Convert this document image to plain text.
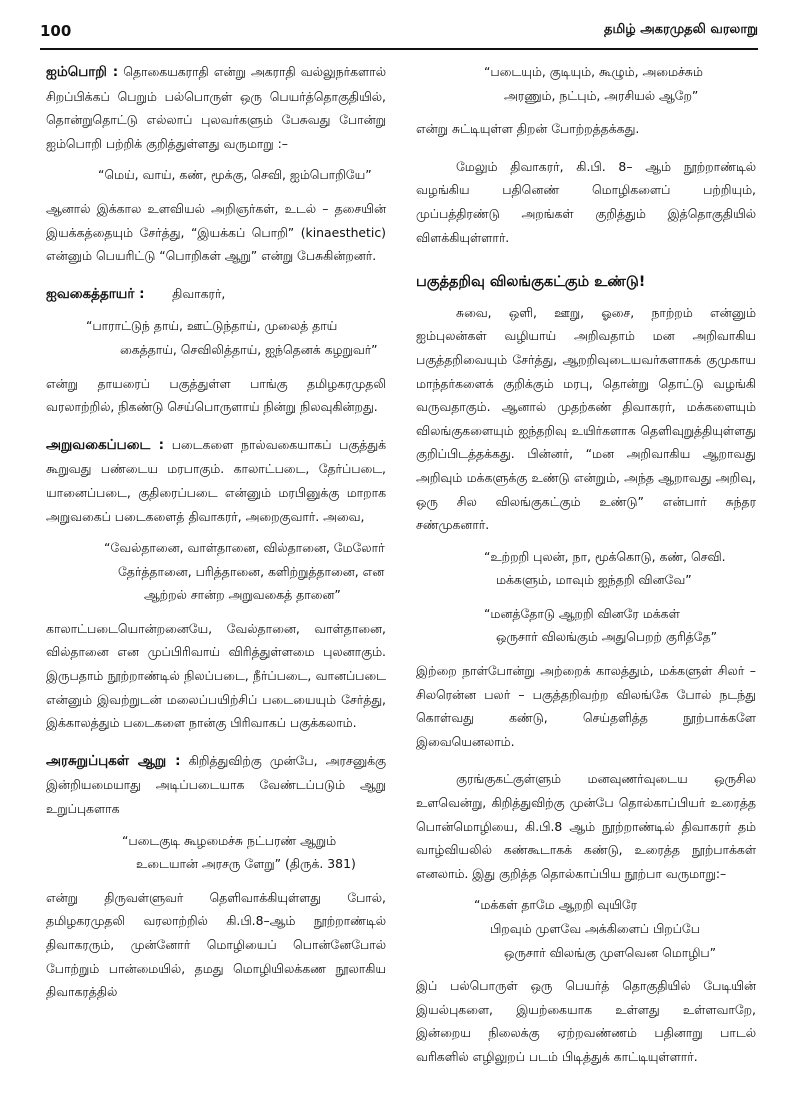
100	தமிழ் அகரமுதலி வரலாறு

ஐம்பொறி : தொகையகராதி என்று அகராதி வல்லுநர்களால் சிறப்பிக்கப் பெறும் பல்பொருள் ஒரு பெயர்த்தொகுதியில், தொன்றுதொட்டு எல்லாப் புலவர்களும் பேசுவது போன்று ஐம்பொறி பற்றிக் குறித்துள்ளது வருமாறு :–

“மெய், வாய், கண், மூக்கு, செவி, ஐம்பொறியே”

ஆனால் இக்கால உளவியல் அறிஞர்கள், உடல் – தசையின் இயக்கத்தையும் சேர்த்து, “இயக்கப் பொறி” (kinaesthetic) என்னும் பெயரிட்டு “பொறிகள் ஆறு” என்று பேசுகின்றனர்.

ஐவகைத்தாயர் : திவாகரர்,

“பாராட்டுந் தாய், ஊட்டுந்தாய், முலைத் தாய்
கைத்தாய், செவிலித்தாய், ஐந்தெனக் கழறுவர்”

என்று தாயரைப் பகுத்துள்ள பாங்கு தமிழகரமுதலி வரலாற்றில், நிகண்டு செய்பொருளாய் நின்று நிலவுகின்றது.

அறுவகைப்படை : படைகளை நால்வகையாகப் பகுத்துக் கூறுவது பண்டைய மரபாகும். காலாட்படை, தேர்ப்படை, யானைப்படை, குதிரைப்படை என்னும் மரபினுக்கு மாறாக அறுவகைப் படைகளைத் திவாகரர், அறைகுவார். அவை,

“வேல்தானை, வாள்தானை, வில்தானை, மேலோர்
தேர்த்தானை, பரித்தானை, களிற்றுத்தானை, என
ஆற்றல் சான்ற அறுவகைத் தானை”

காலாட்படையொன்றனையே, வேல்தானை, வாள்தானை, வில்தானை என முப்பிரிவாய் விரித்துள்ளமை புலனாகும். இருபதாம் நூற்றாண்டில் நிலப்படை, நீர்ப்படை, வானப்படை என்னும் இவற்றுடன் மலைப்பயிற்சிப் படையையும் சேர்த்து, இக்காலத்தும் படைகளை நான்கு பிரிவாகப் பகுக்கலாம்.

அரசுறுப்புகள் ஆறு : கிறித்துவிற்கு முன்பே, அரசனுக்கு இன்றியமையாது அடிப்படையாக வேண்டப்படும் ஆறு உறுப்புகளாக

“படைகுடி கூழமைச்சு நட்பரண் ஆறும்
உடையான் அரசரு ளேறு” (திருக். 381)

என்று திருவள்ளுவர் தெளிவாக்கியுள்ளது போல், தமிழகரமுதலி வரலாற்றில் கி.பி.8–ஆம் நூற்றாண்டில் திவாகரரும், முன்னோர் மொழியைப் பொன்னேபோல் போற்றும் பான்மையில், தமது மொழியிலக்கண நூலாகிய திவாகரத்தில்

“படையும், குடியும், கூழும், அமைச்சும்
அரணும், நட்பும், அரசியல் ஆறே”

என்று சுட்டியுள்ள திறன் போற்றத்தக்கது.

மேலும் திவாகரர், கி.பி. 8– ஆம் நூற்றாண்டில் வழங்கிய பதினெண் மொழிகளைப் பற்றியும், முப்பத்திரண்டு அறங்கள் குறித்தும் இத்தொகுதியில் விளக்கியுள்ளார்.

பகுத்தறிவு விலங்குகட்கும் உண்டு!

சுவை, ஒளி, ஊறு, ஓசை, நாற்றம் என்னும் ஐம்புலன்கள் வழியாய் அறிவதாம் மன அறிவாகிய பகுத்தறிவையும் சேர்த்து, ஆறறிவுடையவர்களாகக் குமுகாய மாந்தர்களைக் குறிக்கும் மரபு, தொன்று தொட்டு வழங்கி வருவதாகும். ஆனால் முதற்கண் திவாகரர், மக்களையும் விலங்குகளையும் ஐந்தறிவு உயிர்களாக தெளிவுறுத்தியுள்ளது குறிப்பிடத்தக்கது. பின்னர், “மன அறிவாகிய ஆறாவது அறிவும் மக்களுக்கு உண்டு என்றும், அந்த ஆறாவது அறிவு, ஒரு சில விலங்குகட்கும் உண்டு” என்பார் சுந்தர சண்முகனார்.

“உற்றறி புலன், நா, மூக்கொடு, கண், செவி.
மக்களும், மாவும் ஐந்தறி வினவே”
“மனத்தோடு ஆறறி வினரே மக்கள்
ஒருசார் விலங்கும் அதுபெறற் குரித்தே”

இற்றை நாள்போன்று அற்றைக் காலத்தும், மக்களுள் சிலர் – சிலரென்ன பலர் – பகுத்தறிவற்ற விலங்கே போல் நடந்து கொள்வது கண்டு, செய்தளித்த நூற்பாக்களே இவையெனலாம்.

குரங்குகட்குள்ளும் மனவுணர்வுடைய ஒருசில உளவென்று, கிறித்துவிற்கு முன்பே தொல்காப்பியர் உரைத்த பொன்மொழியை, கி.பி.8 ஆம் நூற்றாண்டில் திவாகரர் தம் வாழ்வியலில் கண்கூடாகக் கண்டு, உரைத்த நூற்பாக்கள் எனலாம். இது குறித்த தொல்காப்பிய நூற்பா வருமாறு:–

“மக்கள் தாமே ஆறறி வுயிரே
பிறவும் முளவே அக்கிளைப் பிறப்பே
ஒருசார் விலங்கு முளவென மொழிப”

இப் பல்பொருள் ஒரு பெயர்த் தொகுதியில் பேடியின் இயல்புகளை, இயற்கையாக உள்ளது உள்ளவாறே, இன்றைய நிலைக்கு ஏற்றவண்ணம் பதினாறு பாடல் வரிகளில் எழிலுறப் படம் பிடித்துக் காட்டியுள்ளார்.
